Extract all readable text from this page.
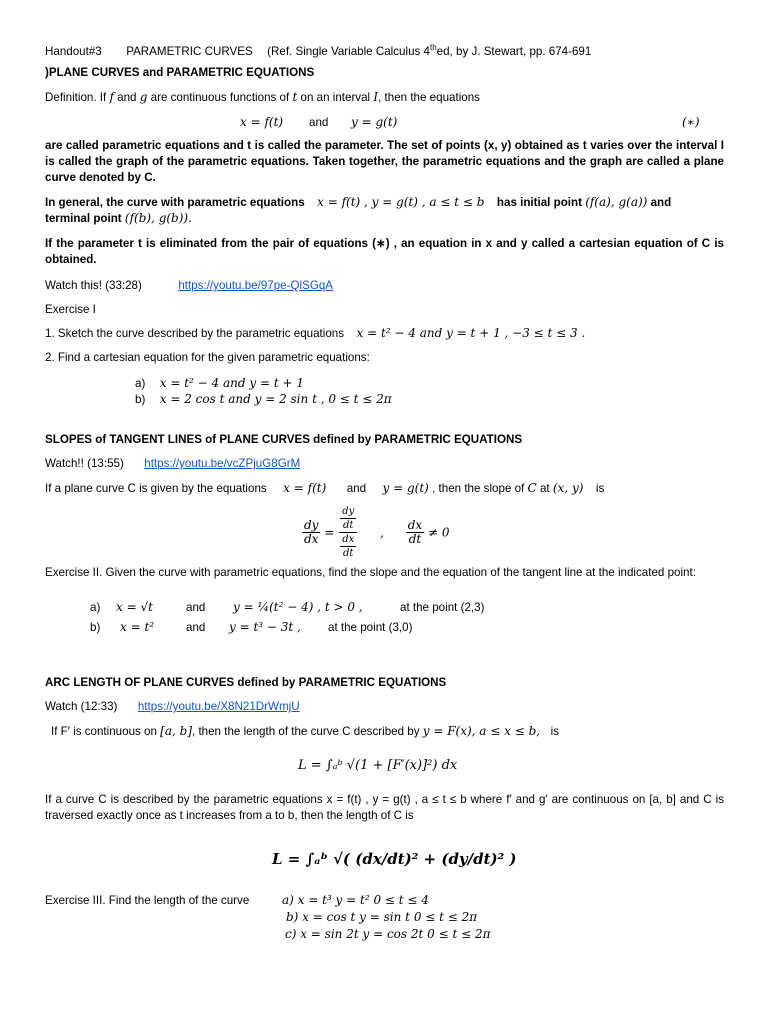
Handout#3 PARAMETRIC CURVES (Ref. Single Variable Calculus 4thed, by J. Stewart, pp. 674-691
)PLANE CURVES and PARAMETRIC EQUATIONS
Definition. If f and g are continuous functions of t on an interval I, then the equations
x = f(t) and y = g(t)	(∗)
are called parametric equations and t is called the parameter. The set of points (x, y) obtained as t varies over the interval I is called the graph of the parametric equations. Taken together, the parametric equations and the graph are called a plane curve denoted by C.
In general, the curve with parametric equations x = f(t) , y = g(t) , a ≤ t ≤ b has initial point (f(a), g(a)) and
terminal point (f(b), g(b)).
If the parameter t is eliminated from the pair of equations (∗) , an equation in x and y called a cartesian equation of C is obtained.
Watch this! (33:28)	https://youtu.be/97pe-QlSGqA
Exercise I
1. Sketch the curve described by the parametric equations x = t² − 4 and y = t + 1 , −3 ≤ t ≤ 3 .
2. Find a cartesian equation for the given parametric equations:
a) x = t² − 4 and y = t + 1
b) x = 2 cos t and y = 2 sin t , 0 ≤ t ≤ 2π
SLOPES of TANGENT LINES of PLANE CURVES defined by PARAMETRIC EQUATIONS
Watch!! (13:55) https://youtu.be/vcZPjuG8GrM
If a plane curve C is given by the equations x = f(t) and y = g(t) , then the slope of C at (x, y) is
$\frac{dy}{dx} = \frac{\frac{dy}{dt}}{\frac{dx}{dt}}$ , $\frac{dx}{dt} \ne 0$
Exercise II. Given the curve with parametric equations, find the slope and the equation of the tangent line at the indicated point:
a) x = √t	and y = ¼(t² − 4) , t > 0 ,	at the point (2,3)
b) x = t²	and y = t³ − 3t , at the point (3,0)
ARC LENGTH OF PLANE CURVES defined by PARAMETRIC EQUATIONS
Watch (12:33) https://youtu.be/X8N21DrWmjU
If F′ is continuous on [a, b], then the length of the curve C described by y = F(x), a ≤ x ≤ b, is
L = ∫ₐᵇ √(1 + [F′(x)]²) dx
If a curve C is described by the parametric equations x = f(t) , y = g(t) , a ≤ t ≤ b where f′ and g′ are continuous on [a, b] and C is traversed exactly once as t increases from a to b, then the length of C is
L = ∫ₐᵇ √( (dx/dt)² + (dy/dt)² )
Exercise III. Find the length of the curve	a) x = t³ y = t² 0 ≤ t ≤ 4
b) x = cos t y = sin t 0 ≤ t ≤ 2π
c) x = sin 2t y = cos 2t 0 ≤ t ≤ 2π
